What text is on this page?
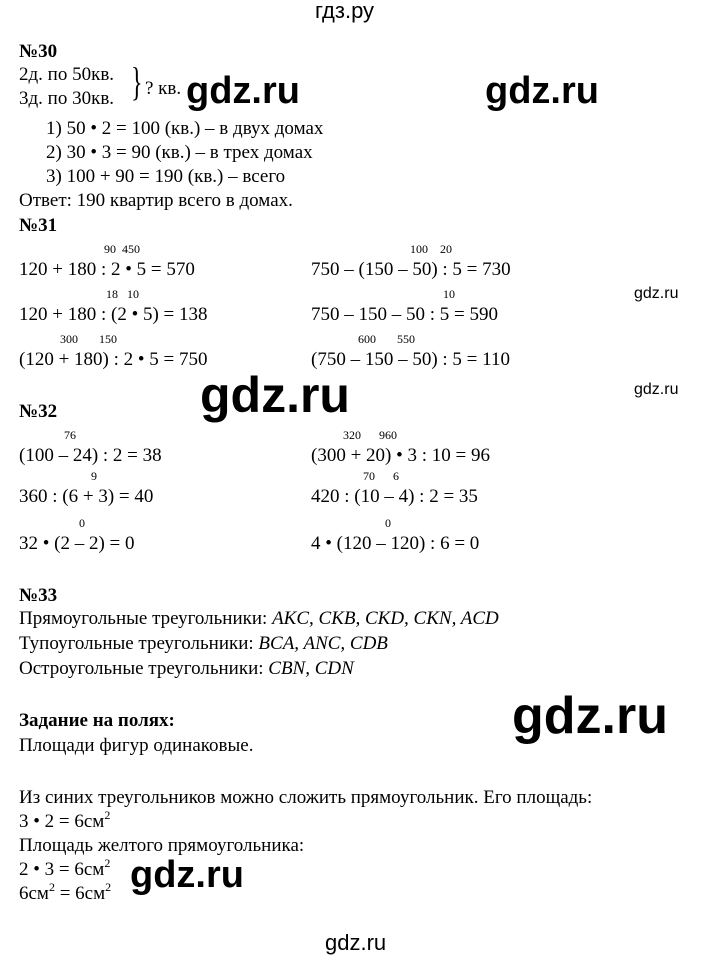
гдз.ру
gdz.ru	gdz.ru
gdz.ru
gdz.ru	gdz.ru
gdz.ru
gdz.ru
gdz.ru
№30
2д. по 50кв.
3д. по 30кв. } ? кв.
1) 50 • 2 = 100 (кв.) – в двух домах
2) 30 • 3 = 90 (кв.) – в трех домах
3) 100 + 90 = 190 (кв.) – всего
Ответ: 190 квартир всего в домах.
№31
90  450
120 + 180 : 2 • 5 = 570
18   10
120 + 180 : (2 • 5) = 138
300       150
(120 + 180) : 2 • 5 = 750
100    20
750 – (150 – 50) : 5 = 730
10
750 – 150 – 50 : 5 = 590
600       550
(750 – 150 – 50) : 5 = 110
№32
76
(100 – 24) : 2 = 38
9
360 : (6 + 3) = 40
0
32 • (2 – 2) = 0
320      960
(300 + 20) • 3 : 10 = 96
70      6
420 : (10 – 4) : 2 = 35
0
4 • (120 – 120) : 6 = 0
№33
Прямоугольные треугольники: AKC, CKB, CKD, CKN, ACD
Тупоугольные треугольники: BCA, ANC, CDB
Остроугольные треугольники: CBN, CDN
Задание на полях:
Площади фигур одинаковые.
Из синих треугольников можно сложить прямоугольник. Его площадь:
3 • $2 = 6см^2$
Площадь желтого прямоугольника:
2 • $3 = 6см^2$
$6см^2 = 6см^2$
